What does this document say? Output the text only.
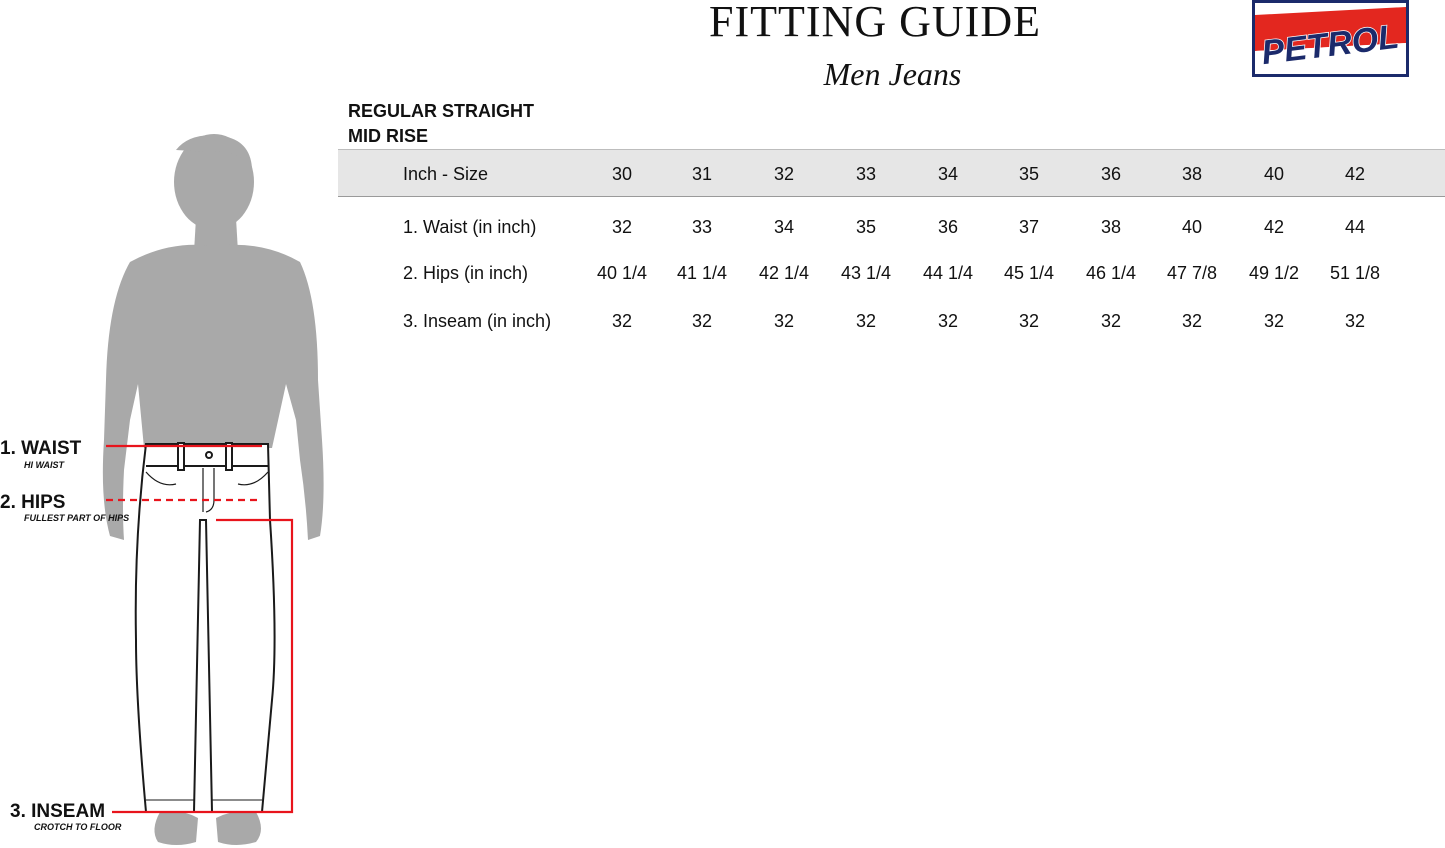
FITTING GUIDE
Men Jeans
PETROL
REGULAR STRAIGHT
MID RISE
Inch - Size	30	31	32	33	34	35	36	38	40	42
1. Waist (in inch)	32	33	34	35	36	37	38	40	42	44
2. Hips (in inch)	40 1/4	41 1/4	42 1/4	43 1/4	44 1/4	45 1/4	46 1/4	47 7/8	49 1/2	51 1/8
3. Inseam (in inch)	32	32	32	32	32	32	32	32	32	32
1. WAIST
HI WAIST
2. HIPS
FULLEST PART OF HIPS
3. INSEAM
CROTCH TO FLOOR
